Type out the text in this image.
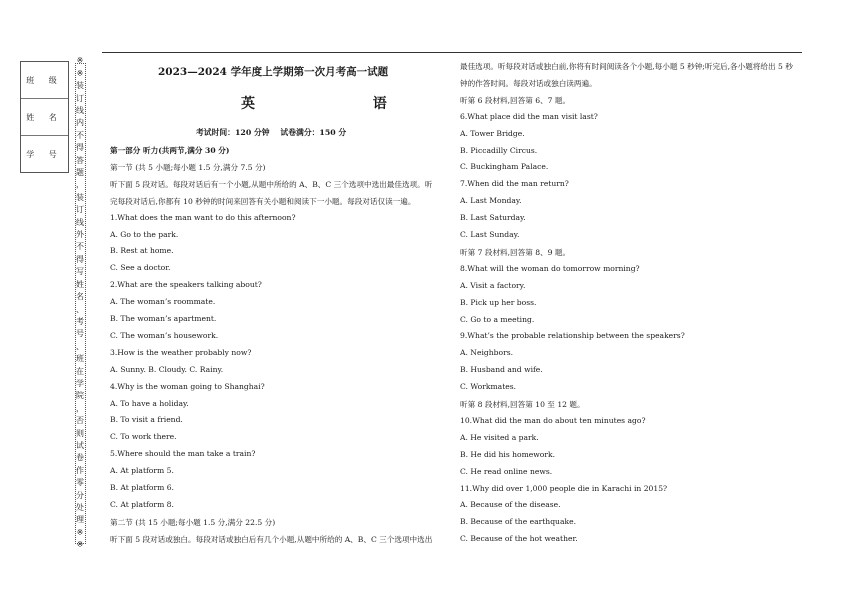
班 级
姓 名
学 号
※
※
装
订
线
内
不
得
答
题
，
装
订
线
外
不
得
写
姓
名
、
考
号
、
班
在
学
院
，
否
则
试
卷
作
零
分
处
理
※
※

2023—2024 学年度上学期第一次月考高一试题

英  语

考试时间：120 分钟    试卷满分：150 分

第一部分 听力(共两节,满分 30 分)

第一节 (共 5 小题;每小题 1.5 分,满分 7.5 分)

听下面 5 段对话。每段对话后有一个小题,从题中所给的 A、B、C 三个选项中选出最佳选项。听

完每段对话后,你都有 10 秒钟的时间来回答有关小题和阅读下一小题。每段对话仅读一遍。

1.What does the man want to do this afternoon?

A. Go to the park.

B. Rest at home.

C. See a doctor.

2.What are the speakers talking about?

A. The woman’s roommate.

B. The woman’s apartment.

C. The woman’s housework.

3.How is the weather probably now?

A. Sunny. B. Cloudy. C. Rainy.

4.Why is the woman going to Shanghai?

A. To have a holiday.

B. To visit a friend.

C. To work there.

5.Where should the man take a train?

A. At platform 5.

B. At platform 6.

C. At platform 8.

第二节 (共 15 小题;每小题 1.5 分,满分 22.5 分)

听下面 5 段对话或独白。每段对话或独白后有几个小题,从题中所给的 A、B、C 三个选项中选出

最佳选项。听每段对话或独白前,你将有时间阅读各个小题,每小题 5 秒钟;听完后,各小题将给出 5 秒

钟的作答时间。每段对话或独白读两遍。

听第 6 段材料,回答第 6、7 题。

6.What place did the man visit last?

A. Tower Bridge.

B. Piccadilly Circus.

C. Buckingham Palace.

7.When did the man return?

A. Last Monday.

B. Last Saturday.

C. Last Sunday.

听第 7 段材料,回答第 8、9 题。

8.What will the woman do tomorrow morning?

A. Visit a factory.

B. Pick up her boss.

C. Go to a meeting.

9.What’s the probable relationship between the speakers?

A. Neighbors.

B. Husband and wife.

C. Workmates.

听第 8 段材料,回答第 10 至 12 题。

10.What did the man do about ten minutes ago?

A. He visited a park.

B. He did his homework.

C. He read online news.

11.Why did over 1,000 people die in Karachi in 2015?

A. Because of the disease.

B. Because of the earthquake.

C. Because of the hot weather.
